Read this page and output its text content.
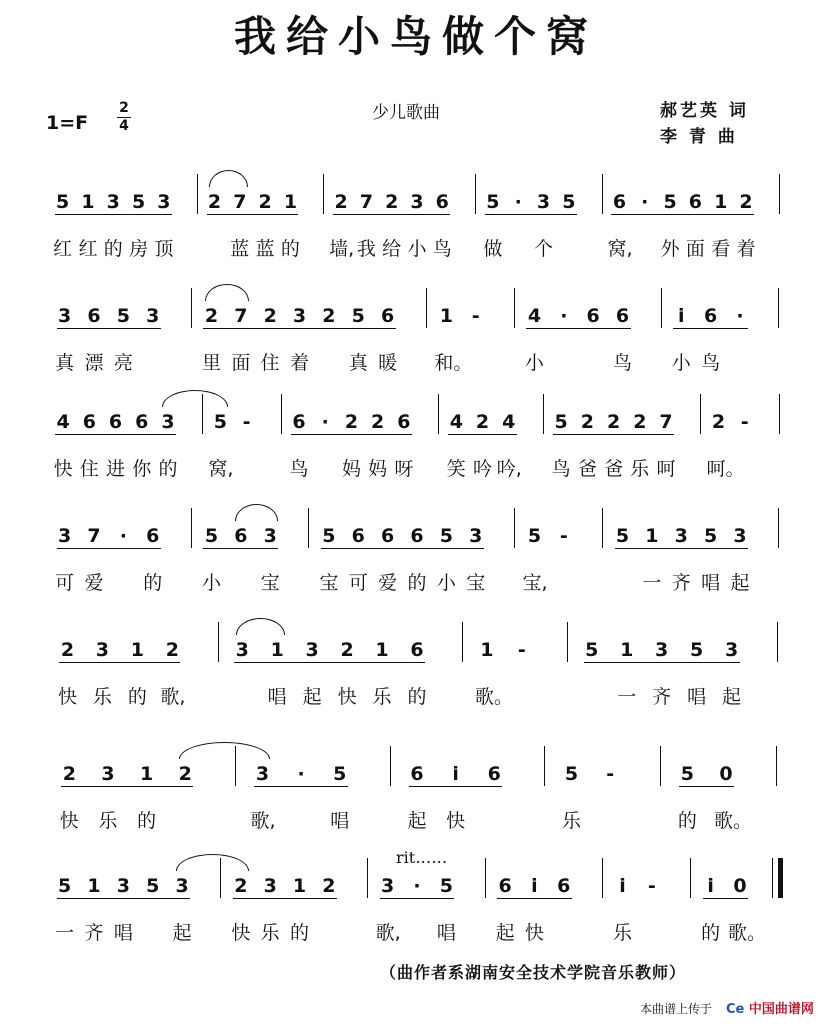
我给小鸟做个窝
1=F
2
4
少儿歌曲	郝艺英 词
李 青 曲
5 1 3 5 3 2 7 2 1 2 7 2 3 6 5 · 3 5 6 · 5 6 1 2
红 红 的 房 顶	蓝 蓝 的 墙, 我 给 小 鸟 做 个	窝, 外 面 看 着
3 6 5 3 2 7 2 3 2 5 6 1 -	4 · 6 6	i	6 ·
真 漂 亮	里 面 住 着 真 暖 和。	小	鸟 小 鸟
4 6 6 6 3 5 - 6 · 2 2 6 4 2 4 5 2 2 2 7 2 -
快 住 进 你 的 窝,	鸟 妈 妈 呀 笑 吟 吟, 鸟 爸 爸 乐 呵 呵。
3 7 · 6 5 6 3 5 6 6 6 5 3 5 -	5 1 3 5 3
可 爱 的 小 宝 宝 可 爱 的 小 宝 宝,	一 齐 唱 起
2 3 1 2	3 1 3 2 1 6	1 -	5 1 3 5 3
快 乐 的 歌,	唱 起 快 乐 的	歌。	一 齐 唱 起
2 3 1 2	3 · 5	6	i	6	5 -	5 0
快 乐 的	歌,	唱	起 快	乐	的 歌。
5 1 3 5 3 2 3 1 2 3 · 5 6	i	6	i	-	i	0
一 齐 唱 起 快 乐 的	歌, 唱 起 快	乐	的 歌。
rit……
（曲作者系湖南安全技术学院音乐教师）
本曲谱上传于 Ce 中国曲谱网
